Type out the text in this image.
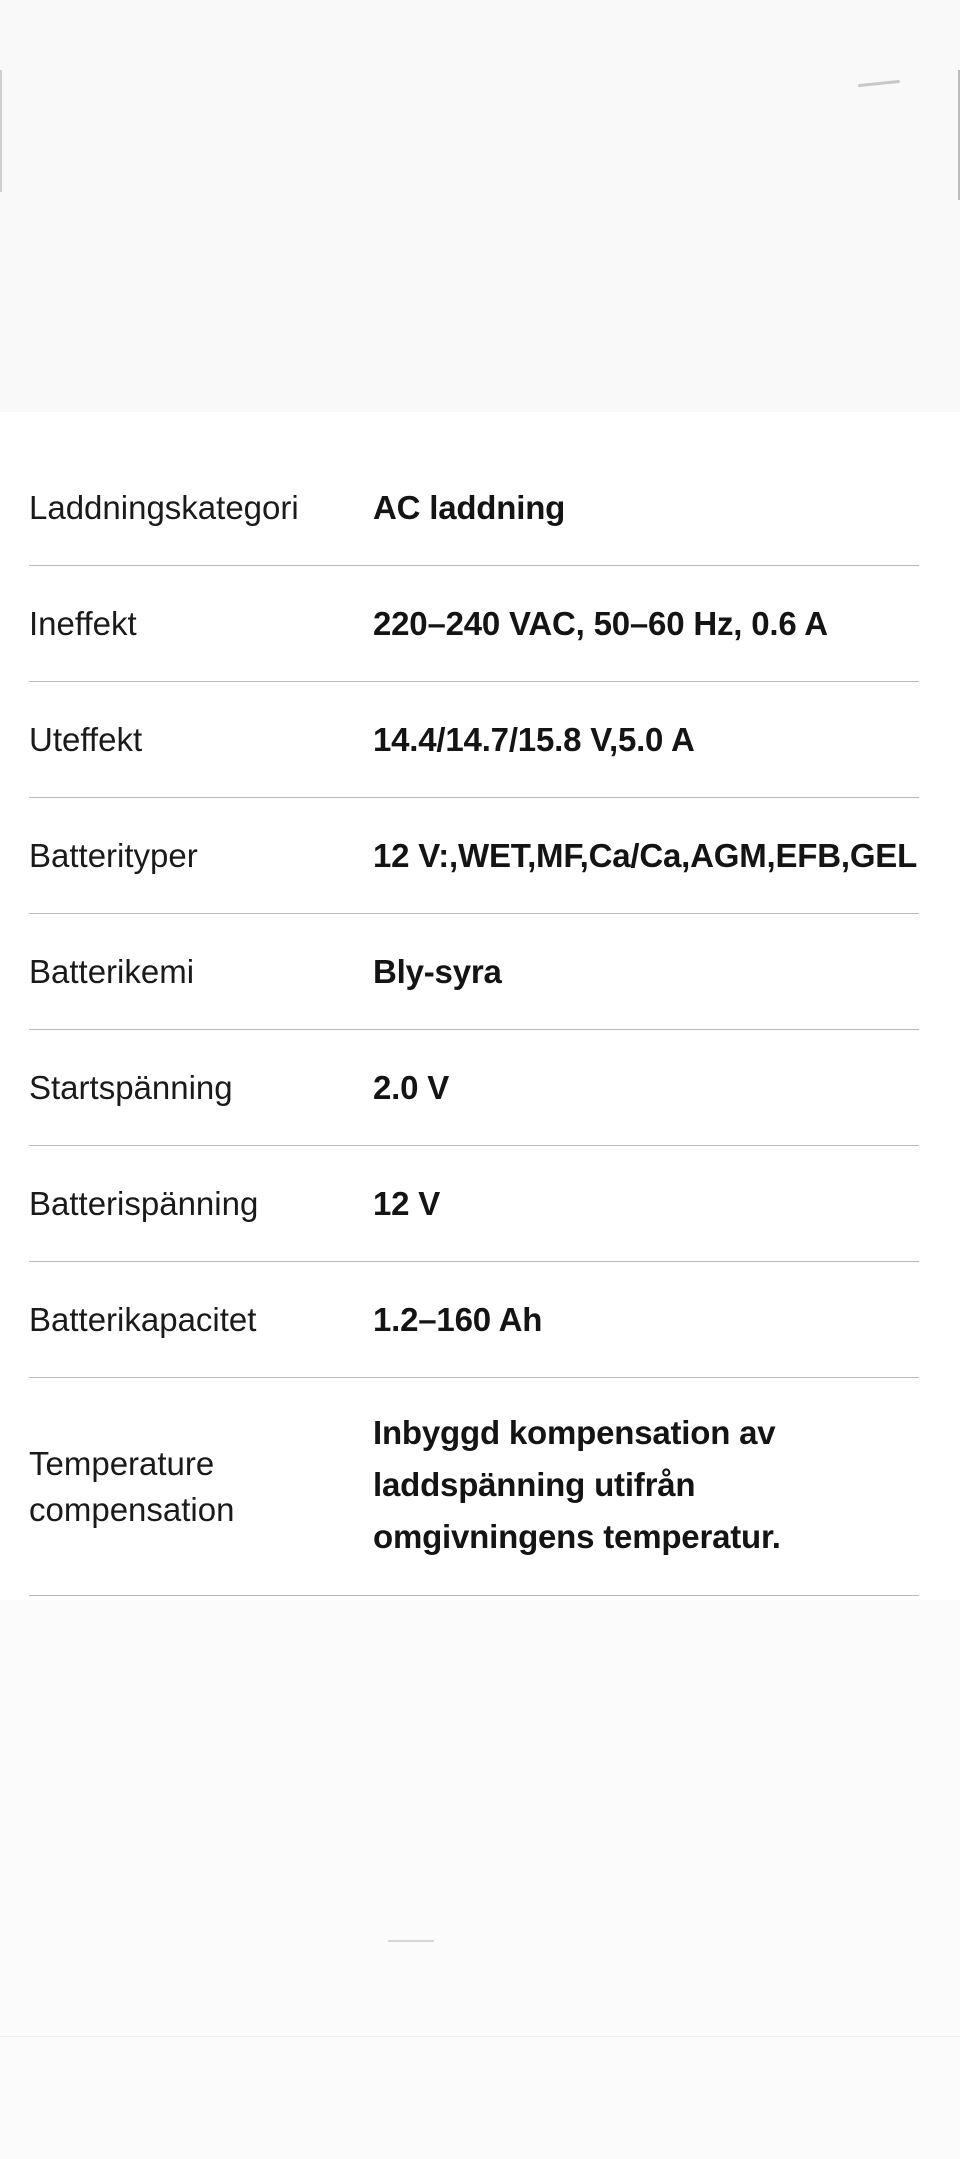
Laddningskategori	AC laddning
Ineffekt	220–240 VAC, 50–60 Hz, 0.6 A
Uteffekt	14.4/14.7/15.8 V,5.0 A
Batterityper	12 V:,WET,MF,Ca/Ca,AGM,EFB,GEL
Batterikemi	Bly-syra
Startspänning	2.0 V
Batterispänning	12 V
Batterikapacitet	1.2–160 Ah
Temperature compensation	Inbyggd kompensation av laddspänning utifrån omgivningens temperatur.
